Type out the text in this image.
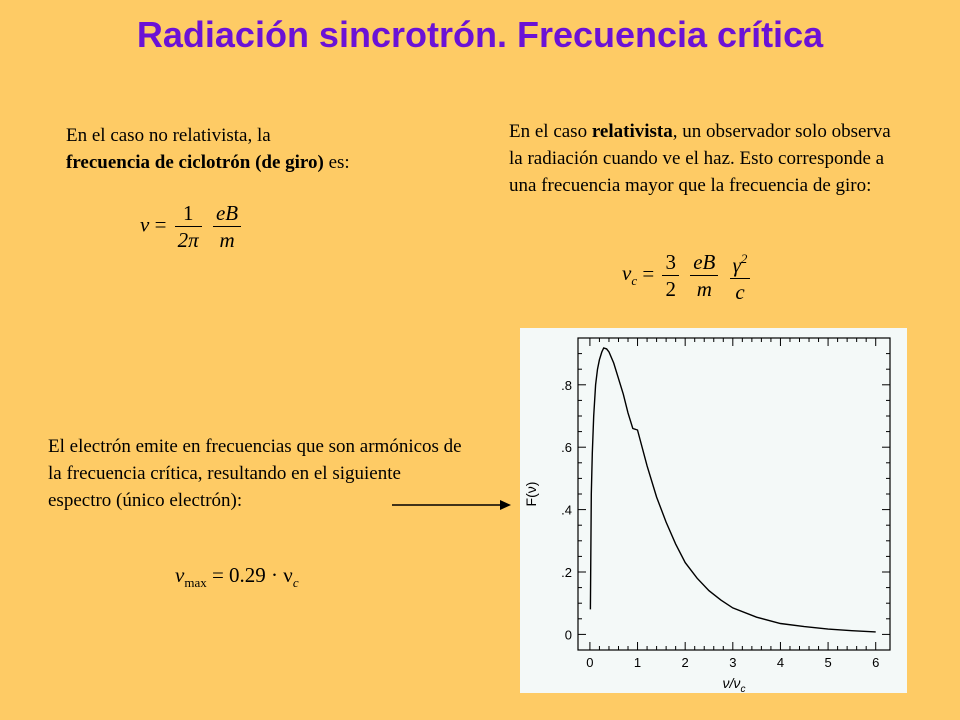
Radiación sincrotrón. Frecuencia crítica
En el caso no relativista, la frecuencia de ciclotrón (de giro) es:
$\nu = \frac{1}{2\pi}$
$\frac{eB}{m}$
En el caso relativista, un observador solo observa la radiación cuando ve el haz. Esto corresponde a una frecuencia mayor que la frecuencia de giro:
$\nu_c = \frac{3}{2}$
$\frac{eB}{m}$
$\frac{\gamma^2}{c}$
El electrón emite en frecuencias que son armónicos de la frecuencia crítica, resultando en el siguiente espectro (único electrón):
$\nu_{max} = 0.29 \cdot \nu_c$
0	1	2	3	4	5	6
0
.2
.4
.6
.8
$\nu/\nu_c$
F(ν)
